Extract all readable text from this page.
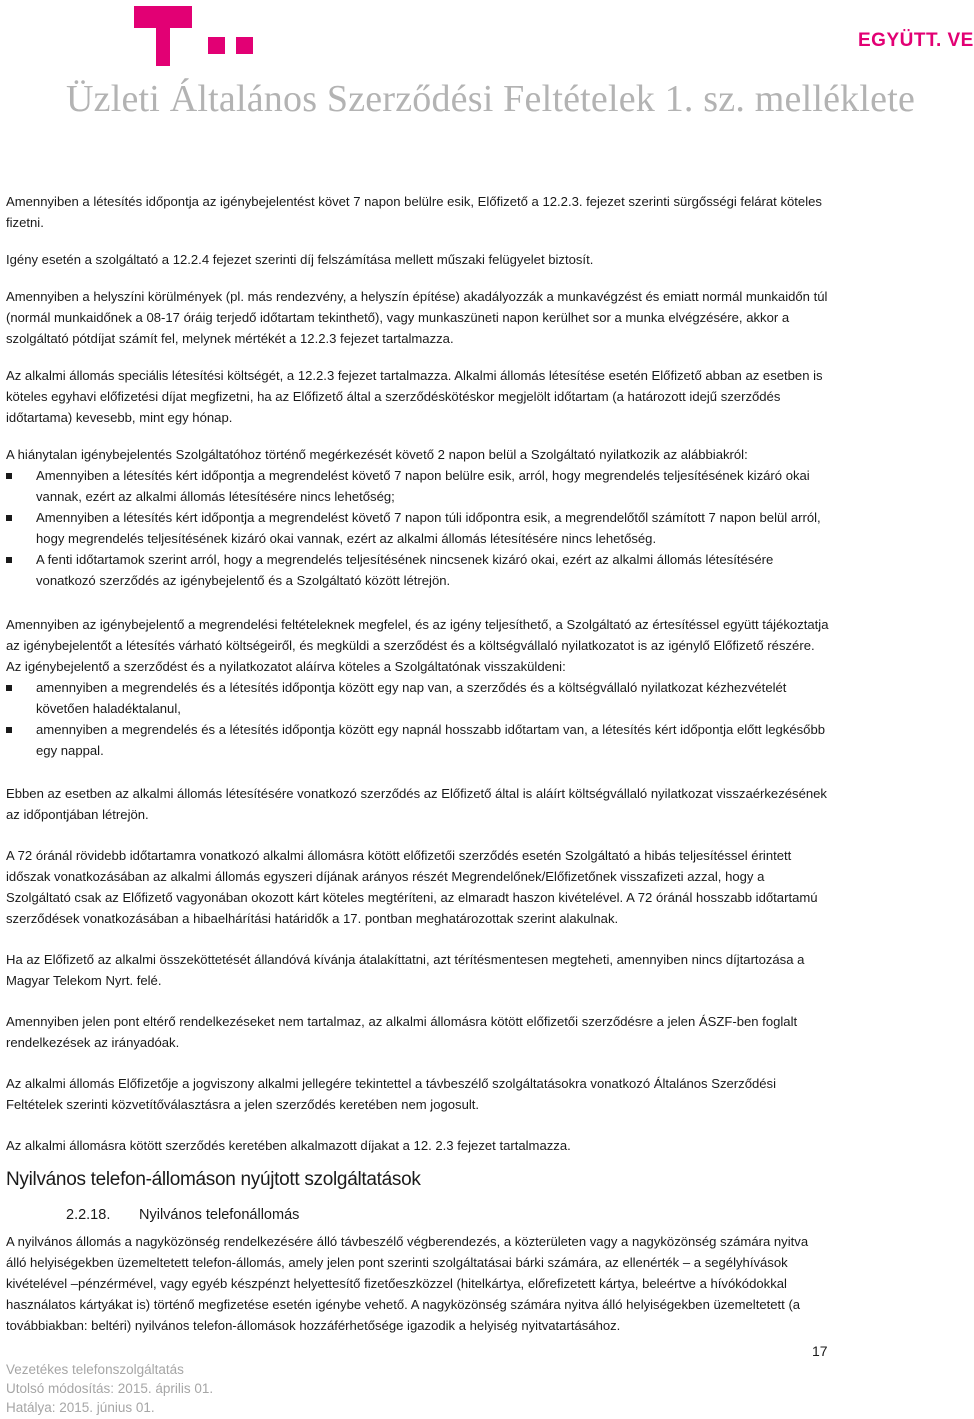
EGYÜTT. VE
Üzleti Általános Szerződési Feltételek 1. sz. melléklete

Amennyiben a létesítés időpontja az igénybejelentést követ 7 napon belülre esik, Előfizető a 12.2.3. fejezet szerinti sürgősségi felárat köteles fizetni.

Igény esetén a szolgáltató a 12.2.4 fejezet szerinti díj felszámítása mellett műszaki felügyelet biztosít.

Amennyiben a helyszíni körülmények (pl. más rendezvény, a helyszín építése) akadályozzák a munkavégzést és emiatt normál munkaidőn túl (normál munkaidőnek a 08-17 óráig terjedő időtartam tekinthető), vagy munkaszüneti napon kerülhet sor a munka elvégzésére, akkor a szolgáltató pótdíjat számít fel, melynek mértékét a 12.2.3 fejezet tartalmazza.

Az alkalmi állomás speciális létesítési költségét, a 12.2.3 fejezet tartalmazza. Alkalmi állomás létesítése esetén Előfizető abban az esetben is köteles egyhavi előfizetési díjat megfizetni, ha az Előfizető által a szerződéskötéskor megjelölt időtartam (a határozott idejű szerződés időtartama) kevesebb, mint egy hónap.

A hiánytalan igénybejelentés Szolgáltatóhoz történő megérkezését követő 2 napon belül a Szolgáltató nyilatkozik az alábbiakról:

Amennyiben a létesítés kért időpontja a megrendelést követő 7 napon belülre esik, arról, hogy megrendelés teljesítésének kizáró okai vannak, ezért az alkalmi állomás létesítésére nincs lehetőség;
Amennyiben a létesítés kért időpontja a megrendelést követő 7 napon túli időpontra esik, a megrendelőtől számított 7 napon belül arról, hogy megrendelés teljesítésének kizáró okai vannak, ezért az alkalmi állomás létesítésére nincs lehetőség.
A fenti időtartamok szerint arról, hogy a megrendelés teljesítésének nincsenek kizáró okai, ezért az alkalmi állomás létesítésére vonatkozó szerződés az igénybejelentő és a Szolgáltató között létrejön.

Amennyiben az igénybejelentő a megrendelési feltételeknek megfelel, és az igény teljesíthető, a Szolgáltató az értesítéssel együtt tájékoztatja az igénybejelentőt a létesítés várható költségeiről, és megküldi a szerződést és a költségvállaló nyilatkozatot is az igénylő Előfizető részére. Az igénybejelentő a szerződést és a nyilatkozatot aláírva köteles a Szolgáltatónak visszaküldeni:

amennyiben a megrendelés és a létesítés időpontja között egy nap van, a szerződés és a költségvállaló nyilatkozat kézhezvételét követően haladéktalanul,
amennyiben a megrendelés és a létesítés időpontja között egy napnál hosszabb időtartam van, a létesítés kért időpontja előtt legkésőbb egy nappal.

Ebben az esetben az alkalmi állomás létesítésére vonatkozó szerződés az Előfizető által is aláírt költségvállaló nyilatkozat visszaérkezésének az időpontjában létrejön.

A 72 óránál rövidebb időtartamra vonatkozó alkalmi állomásra kötött előfizetői szerződés esetén Szolgáltató a hibás teljesítéssel érintett időszak vonatkozásában az alkalmi állomás egyszeri díjának arányos részét Megrendelőnek/Előfizetőnek visszafizeti azzal, hogy a Szolgáltató csak az Előfizető vagyonában okozott kárt köteles megtéríteni, az elmaradt haszon kivételével. A 72 óránál hosszabb időtartamú szerződések vonatkozásában a hibaelhárítási határidők a 17. pontban meghatározottak szerint alakulnak.

Ha az Előfizető az alkalmi összeköttetését állandóvá kívánja átalakíttatni, azt térítésmentesen megteheti, amennyiben nincs díjtartozása a Magyar Telekom Nyrt. felé.

Amennyiben jelen pont eltérő rendelkezéseket nem tartalmaz, az alkalmi állomásra kötött előfizetői szerződésre a jelen ÁSZF-ben foglalt rendelkezések az irányadóak.

Az alkalmi állomás Előfizetője a jogviszony alkalmi jellegére tekintettel a távbeszélő szolgáltatásokra vonatkozó Általános Szerződési Feltételek szerinti közvetítőválasztásra a jelen szerződés keretében nem jogosult.

Az alkalmi állomásra kötött szerződés keretében alkalmazott díjakat a 12. 2.3 fejezet tartalmazza.

Nyilvános telefon-állomáson nyújtott szolgáltatások
2.2.18.	Nyilvános telefonállomás

A nyilvános állomás a nagyközönség rendelkezésére álló távbeszélő végberendezés, a közterületen vagy a nagyközönség számára nyitva álló helyiségekben üzemeltetett telefon-állomás, amely jelen pont szerinti szolgáltatásai bárki számára, az ellenérték – a segélyhívások kivételével –pénzérmével, vagy egyéb készpénzt helyettesítő fizetőeszközzel (hitelkártya, előrefizetett kártya, beleértve a hívókódokkal használatos kártyákat is) történő megfizetése esetén igénybe vehető. A nagyközönség számára nyitva álló helyiségekben üzemeltetett (a továbbiakban: beltéri) nyilvános telefon-állomások hozzáférhetősége igazodik a helyiség nyitvatartásához.

17
Vezetékes telefonszolgáltatás
Utolsó módosítás: 2015. április 01.
Hatálya: 2015. június 01.
